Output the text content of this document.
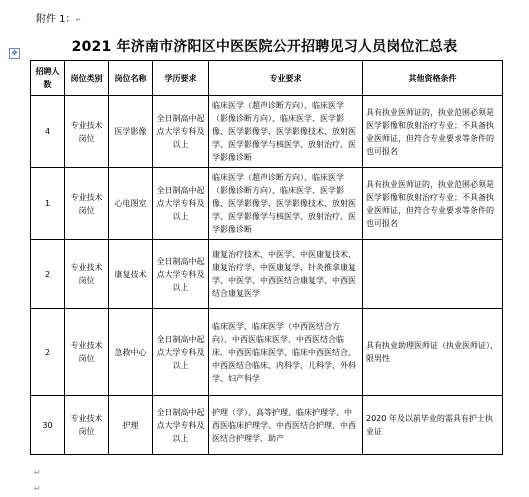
附件 1：↵
✥	2021 年济南市济阳区中医医院公开招聘见习人员岗位汇总表
招聘人数	岗位类别	岗位名称	学历要求	专业要求	其他资格条件
4	专业技术岗位	医学影像	全日制高中起点大学专科及以上	临床医学（超声诊断方向）、临床医学（影像诊断方向）、临床医学、医学影像、医学影像学、医学影像技术、放射医学、医学影像学与核医学、放射治疗、医学影像诊断	具有执业医师证的，执业范围必须是医学影像和放射治疗专业；不具备执业医师证，但符合专业要求等条件的也可报名
1	专业技术岗位	心电图室	全日制高中起点大学专科及以上	临床医学（超声诊断方向）、临床医学（影像诊断方向）、临床医学、医学影像、医学影像学、医学影像技术、放射医学、医学影像学与核医学、放射治疗、医学影像诊断	具有执业医师证的，执业范围必须是医学影像和放射治疗专业；不具备执业医师证，但符合专业要求等条件的也可报名
2	专业技术岗位	康复技术	全日制高中起点大学专科及以上	康复治疗技术、中医学、中医康复技术、康复治疗学、中医康复学、针灸推拿康复学、中医学、中西医结合康复学、中西医结合康复医学	
2	专业技术岗位	急救中心	全日制高中起点大学专科及以上	临床医学、临床医学（中西医结合方向）、中西医临床医学、中西医结合临床、中西医临床医学、临床中西医结合、中西医结合临床、内科学、儿科学、外科学、妇产科学	具有执业助理医师证（执业医师证），限男性
30	专业技术岗位	护理	全日制高中起点大学专科及以上	护理（学）、高等护理、临床护理学、中西医临床护理学、中西医结合护理、中西医结合护理学、助产	2020 年及以前毕业的需具有护士执业证
↵
↵
